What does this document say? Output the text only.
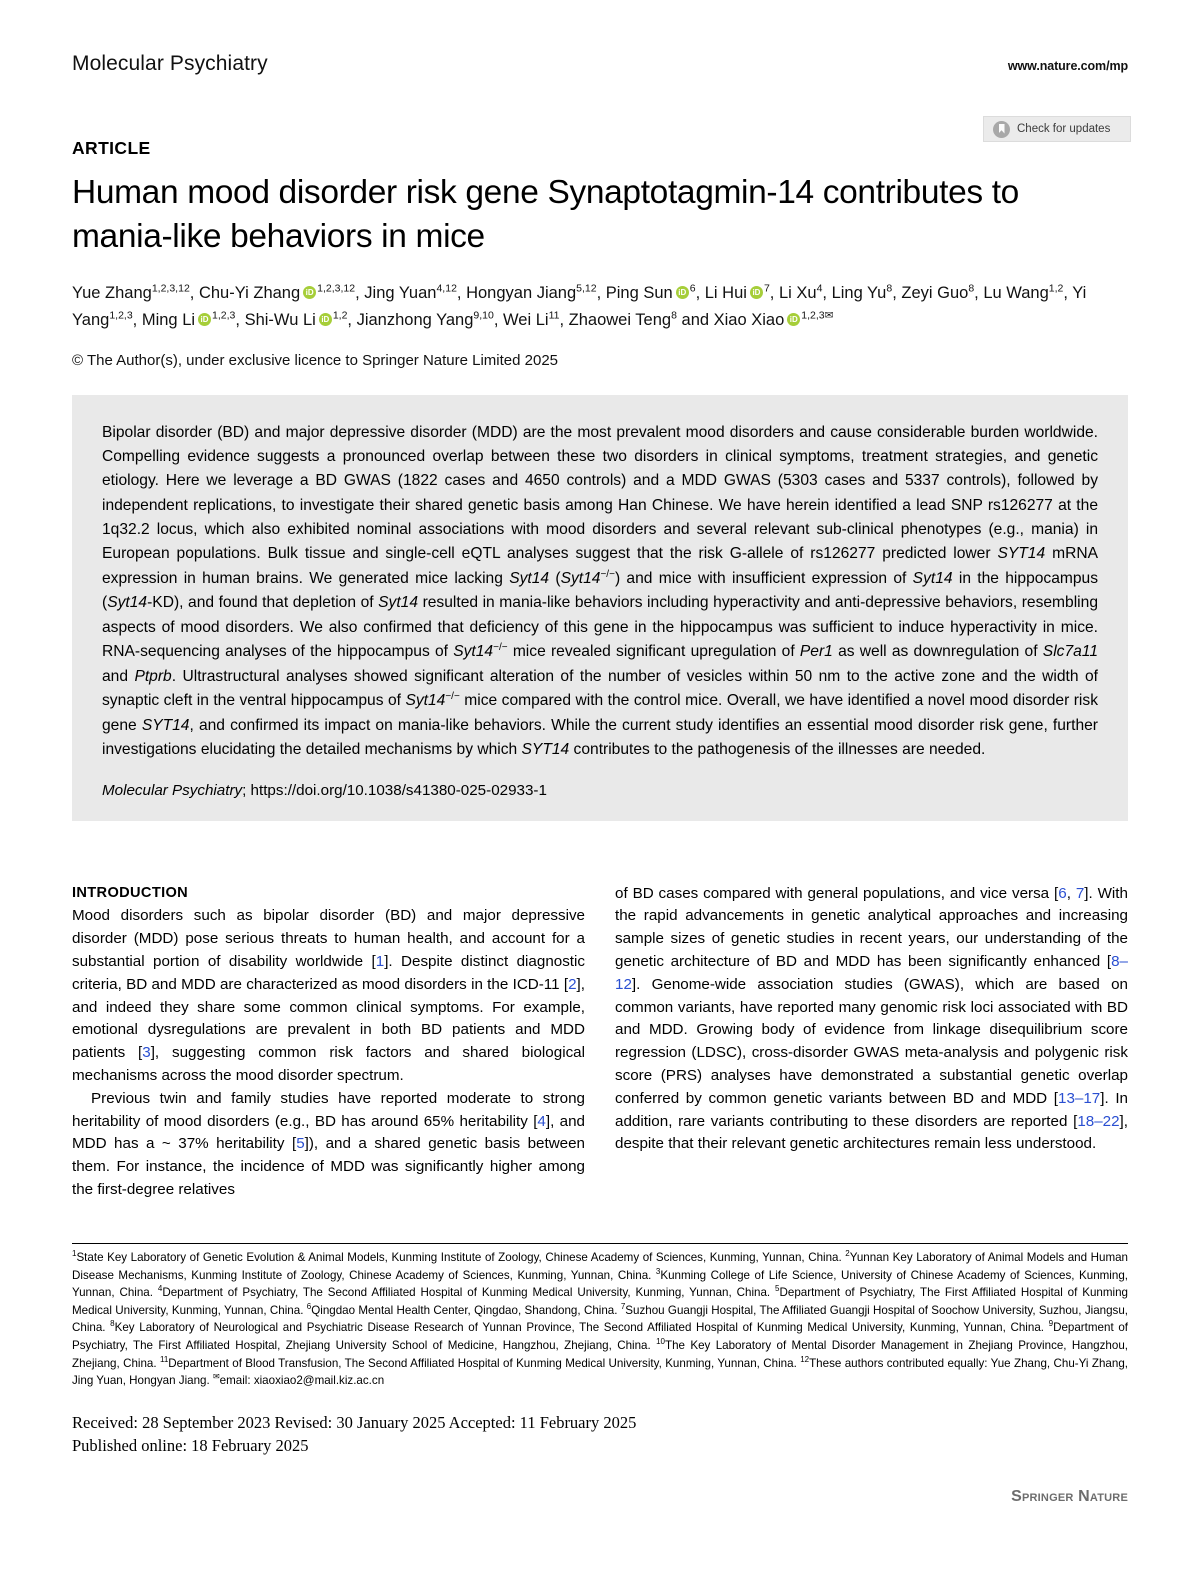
Molecular Psychiatry	www.nature.com/mp
ARTICLE
Check for updates
Human mood disorder risk gene Synaptotagmin-14 contributes to mania-like behaviors in mice
Yue Zhang$^{1,2,3,12}$, Chu-Yi Zhang iD $^{1,2,3,12}$, Jing Yuan$^{4,12}$, Hongyan Jiang$^{5,12}$, Ping Sun iD $^6$, Li Hui iD $^7$, Li Xu$^4$, Ling Yu$^8$, Zeyi Guo$^8$, Lu Wang$^{1,2}$, Yi Yang$^{1,2,3}$, Ming Li iD $^{1,2,3}$, Shi-Wu Li iD $^{1,2}$, Jianzhong Yang$^{9,10}$, Wei Li$^{11}$, Zhaowei Teng$^8$ and Xiao XiaoiD $^{1,2,3✉}$
© The Author(s), under exclusive licence to Springer Nature Limited 2025

Bipolar disorder (BD) and major depressive disorder (MDD) are the most prevalent mood disorders and cause considerable burden worldwide. Compelling evidence suggests a pronounced overlap between these two disorders in clinical symptoms, treatment strategies, and genetic etiology. Here we leverage a BD GWAS (1822 cases and 4650 controls) and a MDD GWAS (5303 cases and 5337 controls), followed by independent replications, to investigate their shared genetic basis among Han Chinese. We have herein identified a lead SNP rs126277 at the 1q32.2 locus, which also exhibited nominal associations with mood disorders and several relevant sub-clinical phenotypes (e.g., mania) in European populations. Bulk tissue and single-cell eQTL analyses suggest that the risk G-allele of rs126277 predicted lower SYT14 mRNA expression in human brains. We generated mice lacking Syt14 (Syt14−/−) and mice with insufficient expression of Syt14 in the hippocampus (Syt14-KD), and found that depletion of Syt14 resulted in mania-like behaviors including hyperactivity and anti-depressive behaviors, resembling aspects of mood disorders. We also confirmed that deficiency of this gene in the hippocampus was sufficient to induce hyperactivity in mice. RNA-sequencing analyses of the hippocampus of Syt14−/− mice revealed significant upregulation of Per1 as well as downregulation of Slc7a11 and Ptprb. Ultrastructural analyses showed significant alteration of the number of vesicles within 50 nm to the active zone and the width of synaptic cleft in the ventral hippocampus of Syt14−/− mice compared with the control mice. Overall, we have identified a novel mood disorder risk gene SYT14, and confirmed its impact on mania-like behaviors. While the current study identifies an essential mood disorder risk gene, further investigations elucidating the detailed mechanisms by which SYT14 contributes to the pathogenesis of the illnesses are needed.

Molecular Psychiatry; https://doi.org/10.1038/s41380-025-02933-1
INTRODUCTION

Mood disorders such as bipolar disorder (BD) and major depressive disorder (MDD) pose serious threats to human health, and account for a substantial portion of disability worldwide [1]. Despite distinct diagnostic criteria, BD and MDD are characterized as mood disorders in the ICD-11 [2], and indeed they share some common clinical symptoms. For example, emotional dysregulations are prevalent in both BD patients and MDD patients [3], suggesting common risk factors and shared biological mechanisms across the mood disorder spectrum.

Previous twin and family studies have reported moderate to strong heritability of mood disorders (e.g., BD has around 65% heritability [4], and MDD has a ~ 37% heritability [5]), and a shared genetic basis between them. For instance, the incidence of MDD was significantly higher among the first-degree relatives

of BD cases compared with general populations, and vice versa [6, 7]. With the rapid advancements in genetic analytical approaches and increasing sample sizes of genetic studies in recent years, our understanding of the genetic architecture of BD and MDD has been significantly enhanced [8–12]. Genome-wide association studies (GWAS), which are based on common variants, have reported many genomic risk loci associated with BD and MDD. Growing body of evidence from linkage disequilibrium score regression (LDSC), cross-disorder GWAS meta-analysis and polygenic risk score (PRS) analyses have demonstrated a substantial genetic overlap conferred by common genetic variants between BD and MDD [13–17]. In addition, rare variants contributing to these disorders are reported [18–22], despite that their relevant genetic architectures remain less understood.

$^1$State Key Laboratory of Genetic Evolution & Animal Models, Kunming Institute of Zoology, Chinese Academy of Sciences, Kunming, Yunnan, China. $^2$Yunnan Key Laboratory of Animal Models and Human Disease Mechanisms, Kunming Institute of Zoology, Chinese Academy of Sciences, Kunming, Yunnan, China. $^3$Kunming College of Life Science, University of Chinese Academy of Sciences, Kunming, Yunnan, China. $^4$Department of Psychiatry, The Second Affiliated Hospital of Kunming Medical University, Kunming, Yunnan, China. $^5$Department of Psychiatry, The First Affiliated Hospital of Kunming Medical University, Kunming, Yunnan, China. $^6$Qingdao Mental Health Center, Qingdao, Shandong, China. $^7$Suzhou Guangji Hospital, The Affiliated Guangji Hospital of Soochow University, Suzhou, Jiangsu, China. $^8$Key Laboratory of Neurological and Psychiatric Disease Research of Yunnan Province, The Second Affiliated Hospital of Kunming Medical University, Kunming, Yunnan, China. $^9$Department of Psychiatry, The First Affiliated Hospital, Zhejiang University School of Medicine, Hangzhou, Zhejiang, China. $^{10}$The Key Laboratory of Mental Disorder Management in Zhejiang Province, Hangzhou, Zhejiang, China. $^{11}$Department of Blood Transfusion, The Second Affiliated Hospital of Kunming Medical University, Kunming, Yunnan, China. $^{12}$These authors contributed equally: Yue Zhang, Chu-Yi Zhang, Jing Yuan, Hongyan Jiang. ✉email: xiaoxiao2@mail.kiz.ac.cn
Received: 28 September 2023 Revised: 30 January 2025 Accepted: 11 February 2025
Published online: 18 February 2025
Springer Nature
